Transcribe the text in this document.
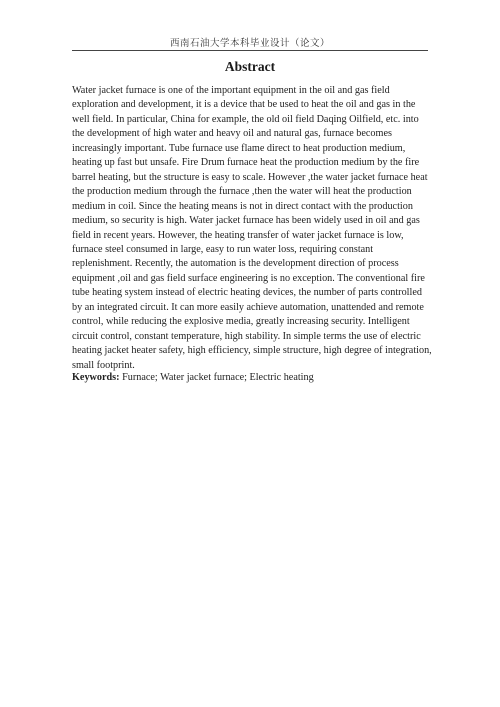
西南石油大学本科毕业设计（论文）
Abstract

Water jacket furnace is one of the important equipment in the oil and gas field exploration and development, it is a device that be used to heat the oil and gas in the well field. In particular, China for example, the old oil field Daqing Oilfield, etc. into the development of high water and heavy oil and natural gas, furnace becomes increasingly important. Tube furnace use flame direct to heat production medium, heating up fast but unsafe. Fire Drum furnace heat the production medium by the fire barrel heating, but the structure is easy to scale. However ,the water jacket furnace heat the production medium through the furnace ,then the water will heat the production medium in coil. Since the heating means is not in direct contact with the production medium, so security is high. Water jacket furnace has been widely used in oil and gas field in recent years. However, the heating transfer of water jacket furnace is low, furnace steel consumed in large, easy to run water loss, requiring constant replenishment. Recently, the automation is the development direction of process equipment ,oil and gas field surface engineering is no exception. The conventional fire tube heating system instead of electric heating devices, the number of parts controlled by an integrated circuit. It can more easily achieve automation, unattended and remote control, while reducing the explosive media, greatly increasing security. Intelligent circuit control, constant temperature, high stability. In simple terms the use of electric heating jacket heater safety, high efficiency, simple structure, high degree of integration, small footprint.

Keywords: Furnace; Water jacket furnace; Electric heating
